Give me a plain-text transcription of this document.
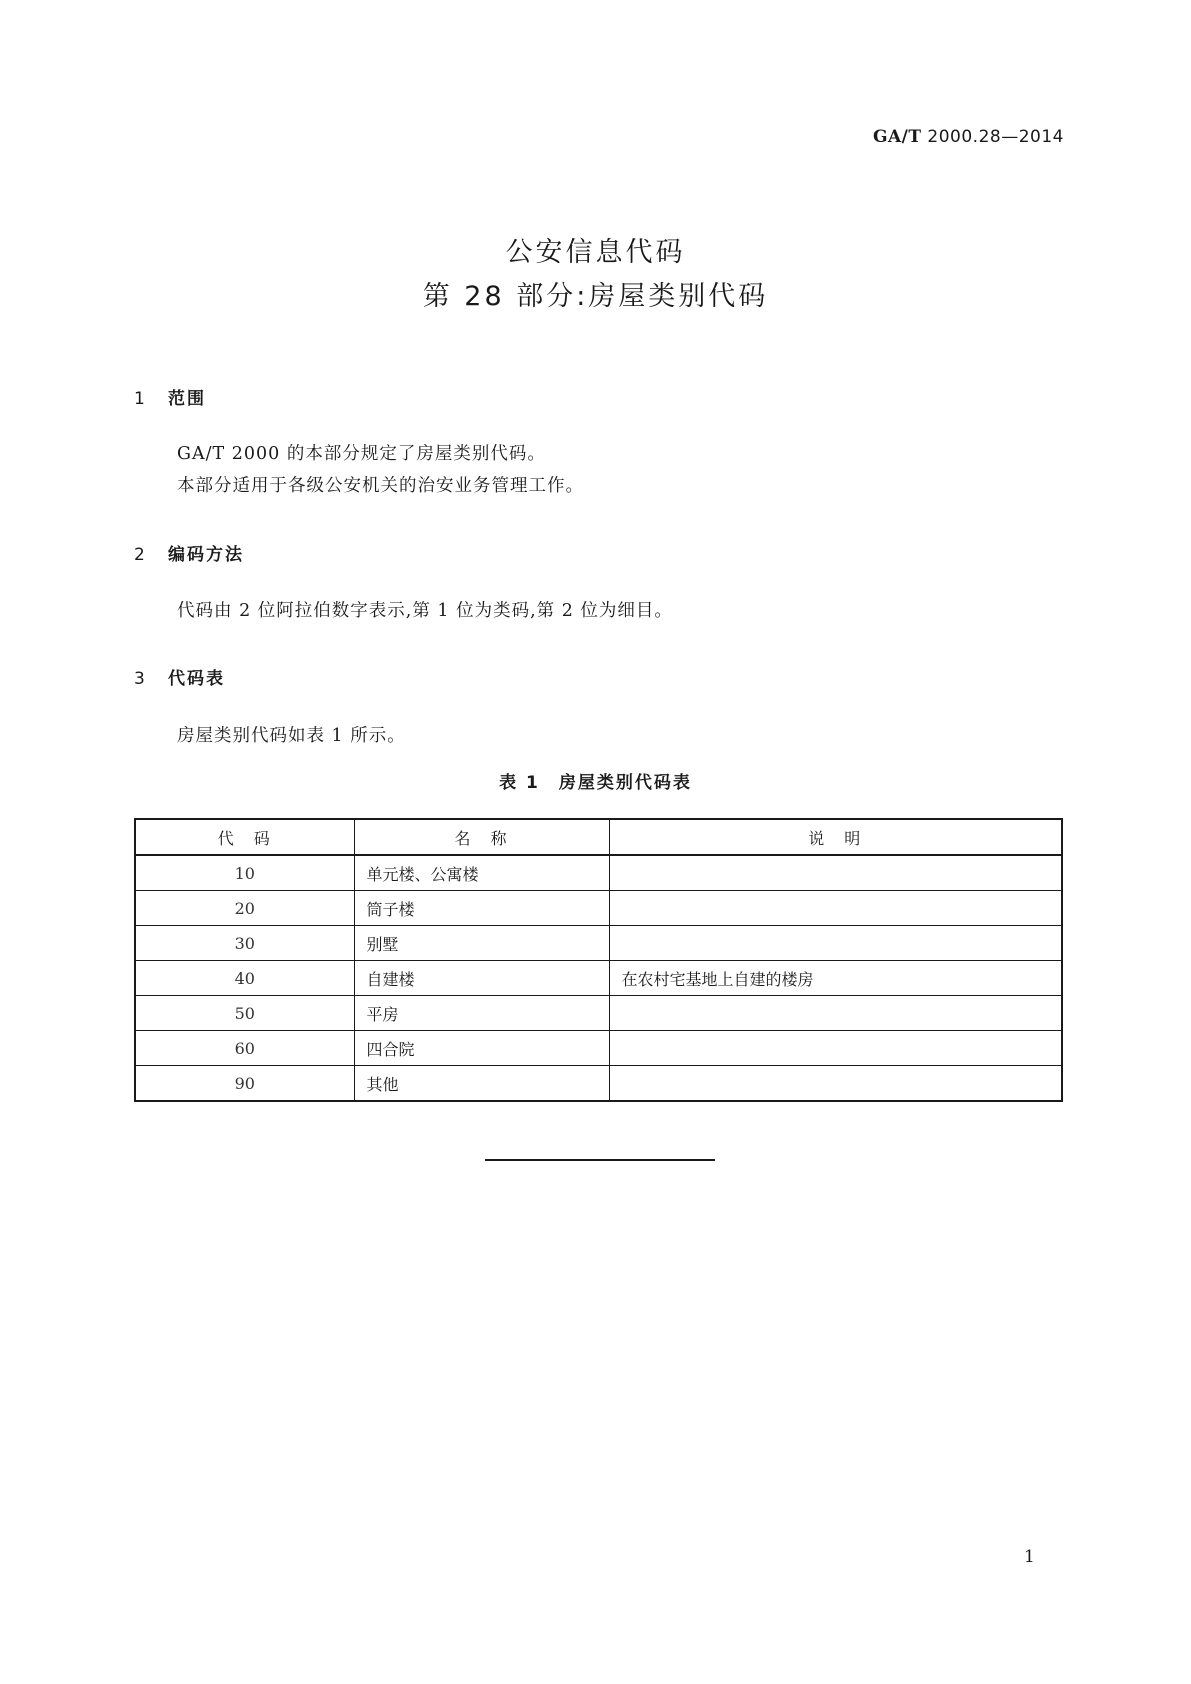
GA/T 2000.28—2014
公安信息代码
第 28 部分:房屋类别代码
1 范围
GA/T 2000 的本部分规定了房屋类别代码。
本部分适用于各级公安机关的治安业务管理工作。
2 编码方法
代码由 2 位阿拉伯数字表示,第 1 位为类码,第 2 位为细目。
3 代码表
房屋类别代码如表 1 所示。
表 1　房屋类别代码表
代　码	名　称	说　明
10	单元楼、公寓楼	
20	筒子楼	
30	别墅	
40	自建楼	在农村宅基地上自建的楼房
50	平房	
60	四合院	
90	其他	
1
